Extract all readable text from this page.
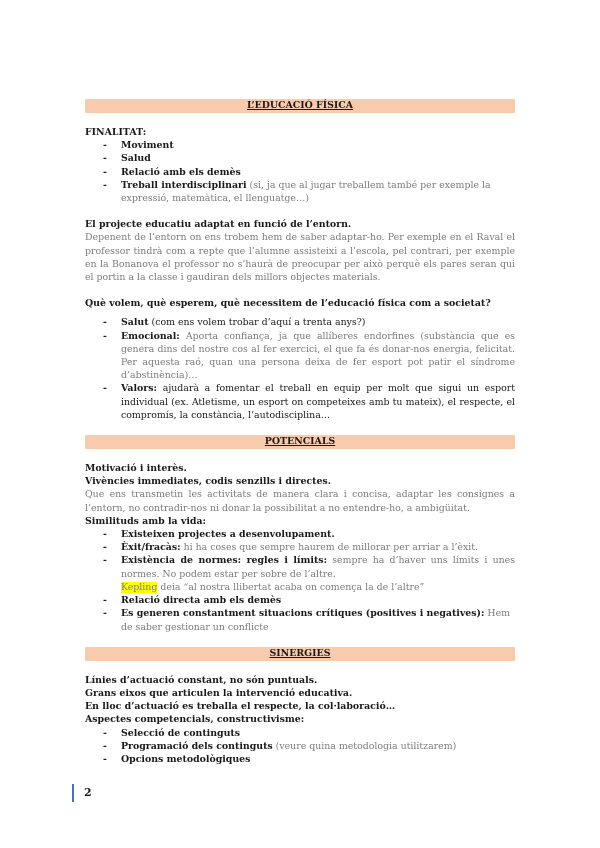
L’EDUCACIÓ FÍSICA
FINALITAT:
- Moviment
- Salud
- Relació amb els demès
- Treball interdisciplinari (si, ja que al jugar treballem també per exemple la expressió, matemàtica, el llenguatge…)
El projecte educatiu adaptat en funció de l’entorn.
Depenent de l’entorn on ens trobem hem de saber adaptar-ho. Per exemple en el Raval el professor tindrà com a repte que l’alumne assisteixi a l’escola, pel contrari, per exemple en la Bonanova el professor no s’haurà de preocupar per això perquè els pares seran qui el portin a la classe i gaudiran dels millors objectes materials.
Què volem, què esperem, què necessitem de l’educació física com a societat?
- Salut (com ens volem trobar d’aquí a trenta anys?)
- Emocional: Aporta confiança, ja que allíberes endorfines (substància que es genera dins del nostre cos al fer exercici, el que fa és donar-nos energia, felicitat. Per aquesta raó, quan una persona deixa de fer esport pot patir el síndrome d’abstinència)…
- Valors: ajudarà a fomentar el treball en equip per molt que sigui un esport individual (ex. Atletisme, un esport on competeixes amb tu mateix), el respecte, el compromís, la constància, l’autodisciplina…
POTENCIALS
Motivació i interès.
Vivències immediates, codis senzills i directes.
Que ens transmetin les activitats de manera clara i concisa, adaptar les consignes a l’entorn, no contradir-nos ni donar la possibilitat a no entendre-ho, a ambigüitat.
Similituds amb la vida:
- Existeixen projectes a desenvolupament.
- Èxit/fracàs: hi ha coses que sempre haurem de millorar per arriar a l’èxit.
- Existència de normes: regles i límits: sempre ha d’haver uns límits i unes normes. No podem estar per sobre de l’altre.
Kepling deia “al nostra llibertat acaba on comença la de l’altre”
- Relació directa amb els demès
- Es generen constantment situacions crítiques (positives i negatives): Hem de saber gestionar un conflicte
SINERGIES
Línies d’actuació constant, no són puntuals.
Grans eixos que articulen la intervenció educativa.
En lloc d’actuació es treballa el respecte, la col·laboració…
Aspectes competencials, constructivisme:
- Selecció de continguts
- Programació dels continguts (veure quina metodologia utilitzarem)
- Opcions metodològiques
2
